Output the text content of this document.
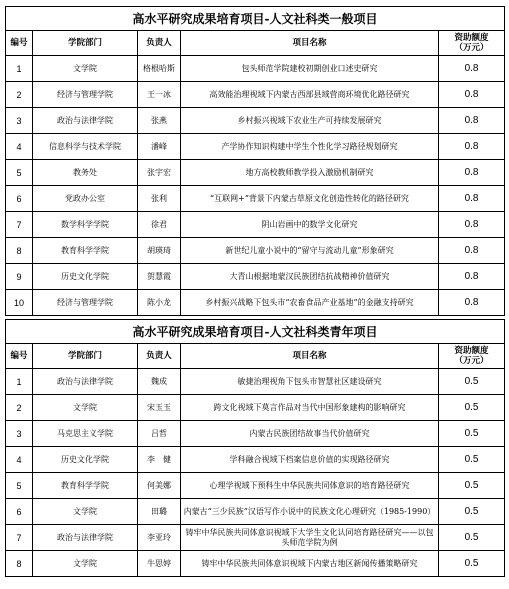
高水平研究成果培育项目-人文社科类一般项目				
编号	学院部门	负责人	项目名称	资助额度
（万元）
1	文学院	格根哈斯	包头师范学院建校初期创业口述史研究	0.8
2	经济与管理学院	王一冰	高效能治理视域下内蒙古西部县域营商环境优化路径研究	0.8
3	政治与法律学院	张燕	乡村振兴视域下农业生产可持续发展研究	0.8
4	信息科学与技术学院	潘峰	产学协作知识构建中学生个性化学习路径规划研究	0.8
5	教务处	张宇宏	地方高校教师教学投入激励机制研究	0.8
6	党政办公室	张利	“互联网+”背景下内蒙古草原文化创造性转化的路径研究	0.8
7	数学科学学院	徐君	阴山岩画中的数学文化研究	0.8
8	教育科学学院	胡瑛琦	新世纪儿童小说中的“留守与流动儿童”形象研究	0.8
9	历史文化学院	贺慧霞	大青山根据地蒙汉民族团结抗战精神价值研究	0.8
10	经济与管理学院	陈小龙	乡村振兴战略下包头市“农畜食品产业基地”的金融支持研究	0.8
高水平研究成果培育项目-人文社科类青年项目				
编号	学院部门	负责人	项目名称	资助额度
（万元）
1	政治与法律学院	魏成	敏捷治理视角下包头市智慧社区建设研究	0.5
2	文学院	宋玉玉	跨文化视域下莫言作品对当代中国形象建构的影响研究	0.5
3	马克思主义学院	吕哲	内蒙古民族团结故事当代价值研究	0.5
4	历史文化学院	李　健	学科融合视域下档案信息价值的实现路径研究	0.5
5	教育科学学院	何美娜	心理学视域下预科生中华民族共同体意识的培育路径研究	0.5
6	文学院	田璐	内蒙古“三少民族”汉语写作小说中的民族文化心理研究（1985-1990）	0.5
7	政治与法律学院	李亚玲	铸牢中华民族共同体意识视域下大学生文化认同培育路径研究——以包头师范学院为例	0.5
8	文学院	牛思婷	铸牢中华民族共同体意识视域下内蒙古地区新闻传播策略研究	0.5
